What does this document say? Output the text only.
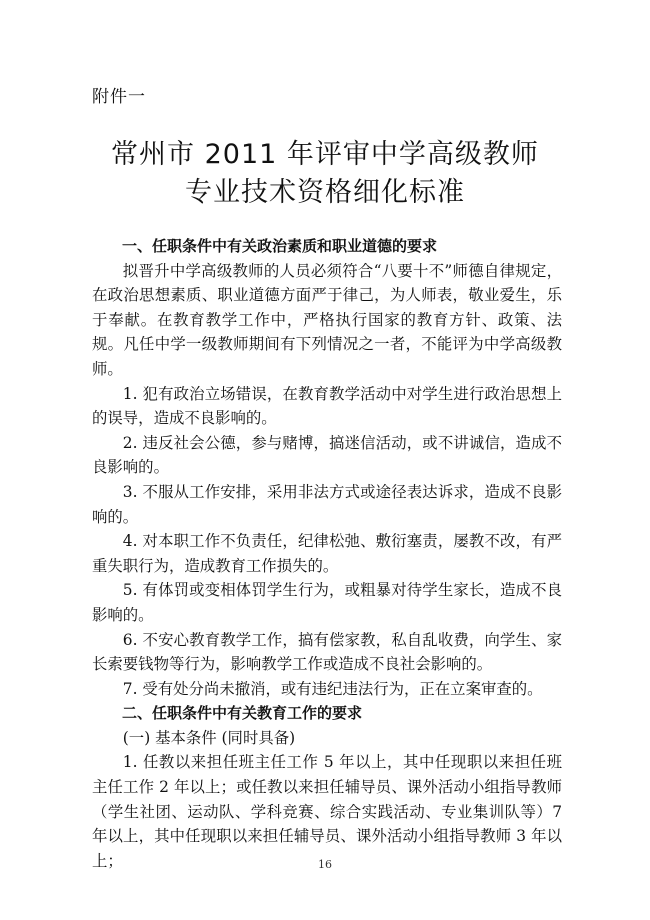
附件一
常州市 2011 年评审中学高级教师
专业技术资格细化标准

一、任职条件中有关政治素质和职业道德的要求

拟晋升中学高级教师的人员必须符合“八要十不”师德自律规定，在政治思想素质、职业道德方面严于律己，为人师表，敬业爱生，乐于奉献。在教育教学工作中，严格执行国家的教育方针、政策、法规。凡任中学一级教师期间有下列情况之一者，不能评为中学高级教师。

1. 犯有政治立场错误，在教育教学活动中对学生进行政治思想上的误导，造成不良影响的。

2. 违反社会公德，参与赌博，搞迷信活动，或不讲诚信，造成不良影响的。

3. 不服从工作安排，采用非法方式或途径表达诉求，造成不良影响的。

4. 对本职工作不负责任，纪律松弛、敷衍塞责，屡教不改，有严重失职行为，造成教育工作损失的。

5. 有体罚或变相体罚学生行为，或粗暴对待学生家长，造成不良影响的。

6. 不安心教育教学工作，搞有偿家教，私自乱收费，向学生、家长索要钱物等行为，影响教学工作或造成不良社会影响的。

7. 受有处分尚未撤消，或有违纪违法行为，正在立案审查的。

二、任职条件中有关教育工作的要求

(一) 基本条件 (同时具备)

1. 任教以来担任班主任工作 5 年以上，其中任现职以来担任班主任工作 2 年以上；或任教以来担任辅导员、课外活动小组指导教师（学生社团、运动队、学科竞赛、综合实践活动、专业集训队等）7 年以上，其中任现职以来担任辅导员、课外活动小组指导教师 3 年以上；	16
